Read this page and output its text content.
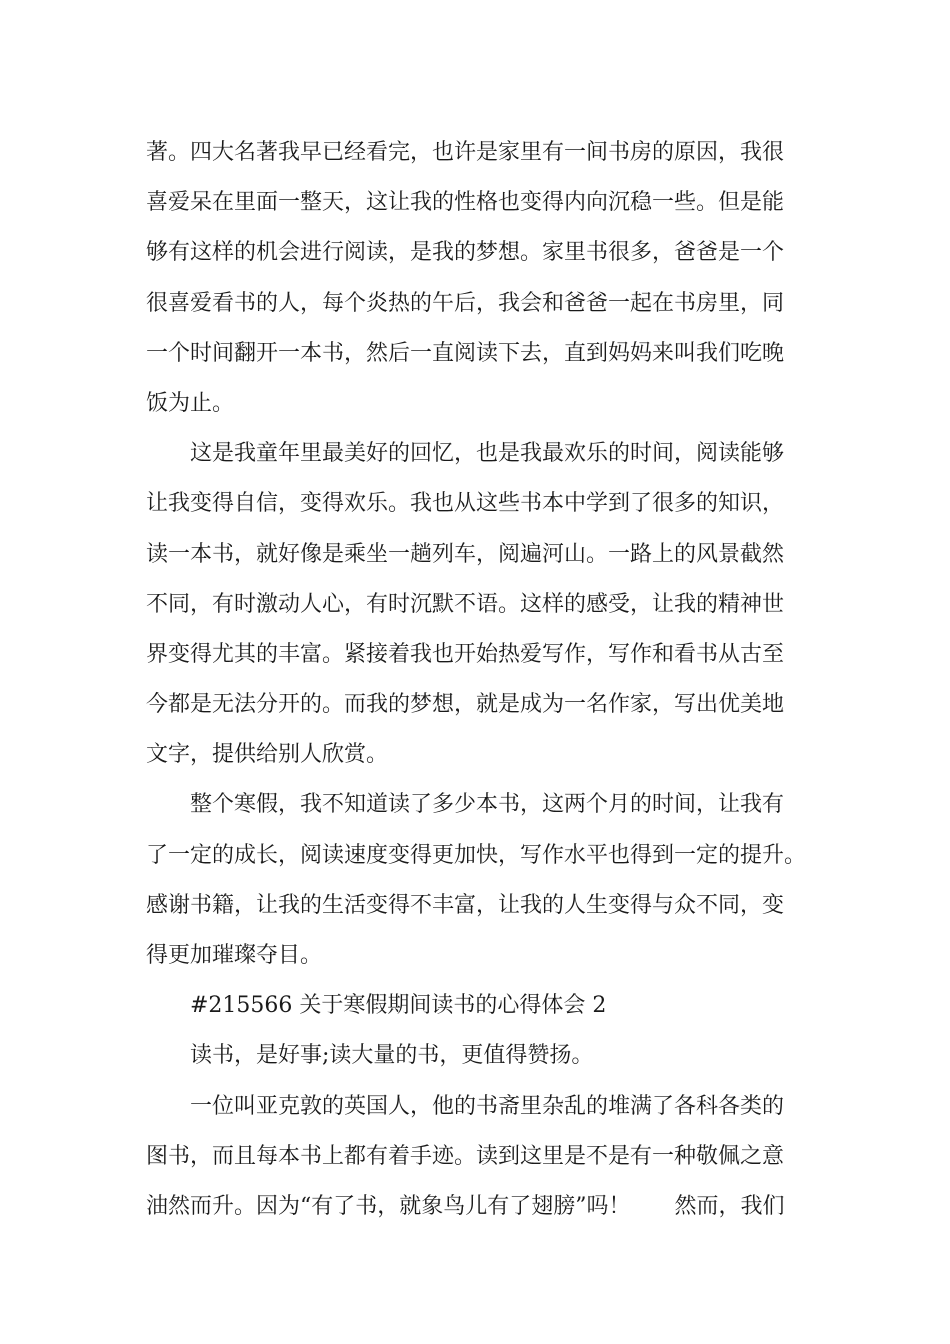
著。四大名著我早已经看完，也许是家里有一间书房的原因，我很
喜爱呆在里面一整天，这让我的性格也变得内向沉稳一些。但是能
够有这样的机会进行阅读，是我的梦想。家里书很多，爸爸是一个
很喜爱看书的人，每个炎热的午后，我会和爸爸一起在书房里，同
一个时间翻开一本书，然后一直阅读下去，直到妈妈来叫我们吃晚
饭为止。
这是我童年里最美好的回忆，也是我最欢乐的时间，阅读能够
让我变得自信，变得欢乐。我也从这些书本中学到了很多的知识，
读一本书，就好像是乘坐一趟列车，阅遍河山。一路上的风景截然
不同，有时激动人心，有时沉默不语。这样的感受，让我的精神世
界变得尤其的丰富。紧接着我也开始热爱写作，写作和看书从古至
今都是无法分开的。而我的梦想，就是成为一名作家，写出优美地
文字，提供给别人欣赏。
整个寒假，我不知道读了多少本书，这两个月的时间，让我有
了一定的成长，阅读速度变得更加快，写作水平也得到一定的提升。
感谢书籍，让我的生活变得不丰富，让我的人生变得与众不同，变
得更加璀璨夺目。
#215566 关于寒假期间读书的心得体会 2
读书，是好事;读大量的书，更值得赞扬。
一位叫亚克敦的英国人，他的书斋里杂乱的堆满了各科各类的
图书，而且每本书上都有着手迹。读到这里是不是有一种敬佩之意
油然而升。因为“有了书，就象鸟儿有了翅膀”吗！　　然而，我们
